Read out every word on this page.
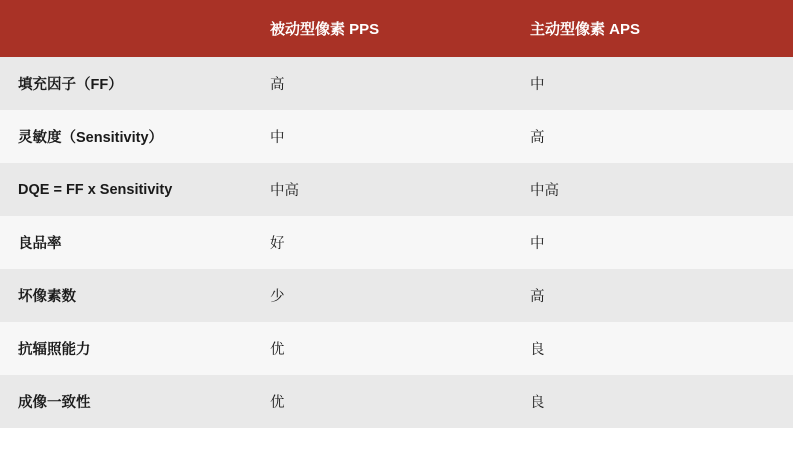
	被动型像素 PPS	主动型像素 APS
填充因子（FF）	高	中
灵敏度（Sensitivity）	中	高
DQE = FF x Sensitivity	中高	中高
良品率	好	中
坏像素数	少	高
抗辐照能力	优	良
成像一致性	优	良
